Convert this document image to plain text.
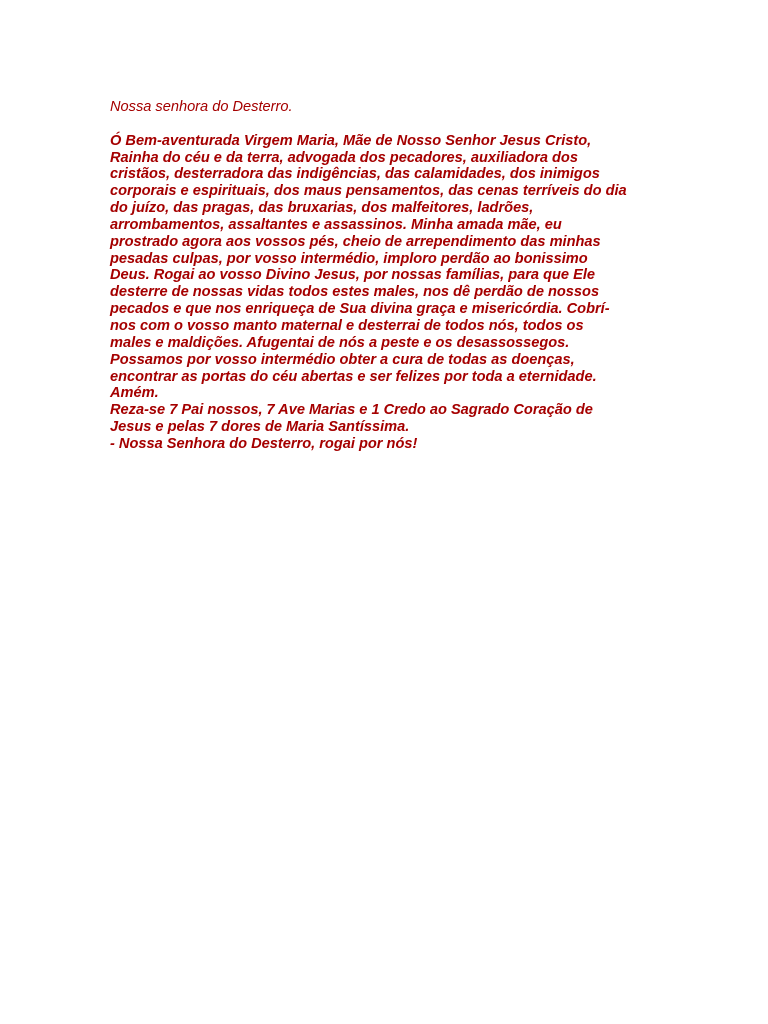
Nossa senhora do Desterro.
Ó Bem-aventurada Virgem Maria, Mãe de Nosso Senhor Jesus Cristo,
Rainha do céu e da terra, advogada dos pecadores, auxiliadora dos
cristãos, desterradora das indigências, das calamidades, dos inimigos
corporais e espirituais, dos maus pensamentos, das cenas terríveis do dia
do juízo, das pragas, das bruxarias, dos malfeitores, ladrões,
arrombamentos, assaltantes e assassinos. Minha amada mãe, eu
prostrado agora aos vossos pés, cheio de arrependimento das minhas
pesadas culpas, por vosso intermédio, imploro perdão ao bonissimo
Deus. Rogai ao vosso Divino Jesus, por nossas famílias, para que Ele
desterre de nossas vidas todos estes males, nos dê perdão de nossos
pecados e que nos enriqueça de Sua divina graça e misericórdia. Cobrí-
nos com o vosso manto maternal e desterrai de todos nós, todos os
males e maldições. Afugentai de nós a peste e os desassossegos.
Possamos por vosso intermédio obter a cura de todas as doenças,
encontrar as portas do céu abertas e ser felizes por toda a eternidade.
Amém.
Reza-se 7 Pai nossos, 7 Ave Marias e 1 Credo ao Sagrado Coração de
Jesus e pelas 7 dores de Maria Santíssima.
- Nossa Senhora do Desterro, rogai por nós!
